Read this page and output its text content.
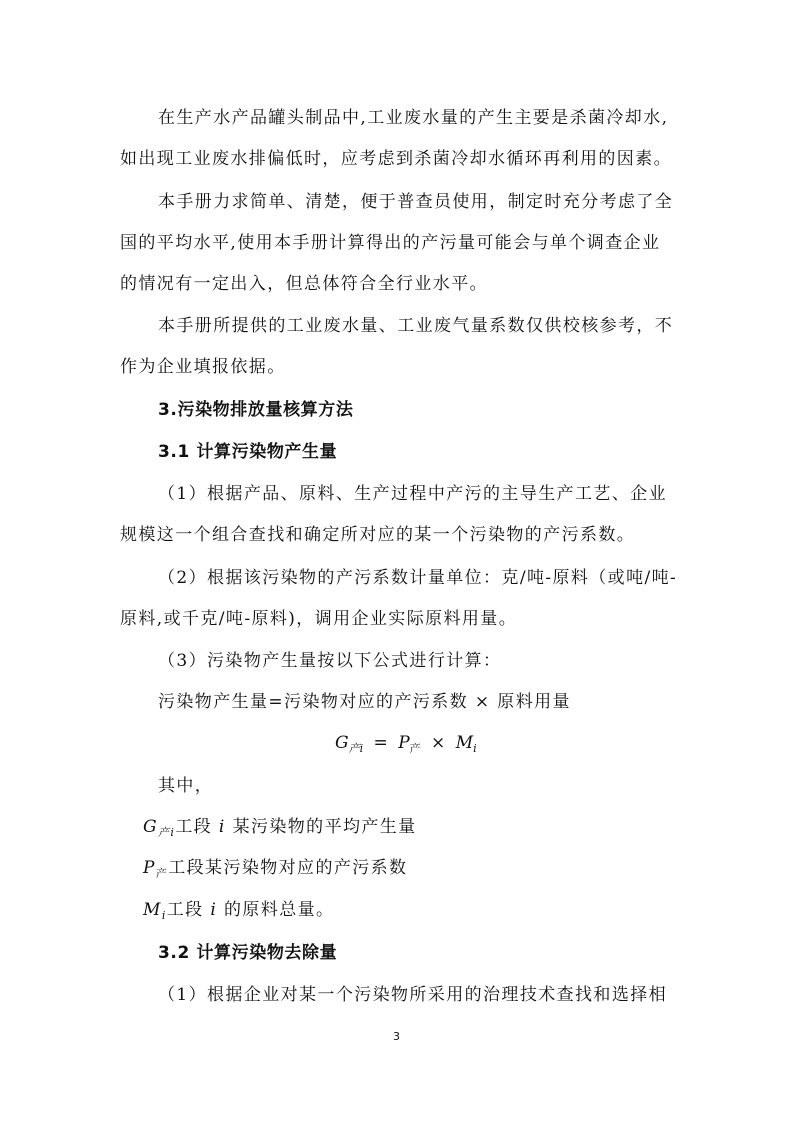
在生产水产品罐头制品中,工业废水量的产生主要是杀菌冷却水,
如出现工业废水排偏低时，应考虑到杀菌冷却水循环再利用的因素。
本手册力求简单、清楚，便于普查员使用，制定时充分考虑了全
国的平均水平,使用本手册计算得出的产污量可能会与单个调查企业
的情况有一定出入，但总体符合全行业水平。
本手册所提供的工业废水量、工业废气量系数仅供校核参考，不
作为企业填报依据。
3.污染物排放量核算方法
3.1 计算污染物产生量
（1）根据产品、原料、生产过程中产污的主导生产工艺、企业
规模这一个组合查找和确定所对应的某一个污染物的产污系数。
（2）根据该污染物的产污系数计量单位：克/吨-原料（或吨/吨-
原料,或千克/吨-原料)，调用企业实际原料用量。
（3）污染物产生量按以下公式进行计算：
污染物产生量=污染物对应的产污系数 × 原料用量
$G_{产i} = P_产 \times M_i$
其中，
$G_{产i}$工段 i 某污染物的平均产生量
$P_产$工段某污染物对应的产污系数
$M_i$工段 i 的原料总量。
3.2 计算污染物去除量
（1）根据企业对某一个污染物所采用的治理技术查找和选择相
3
